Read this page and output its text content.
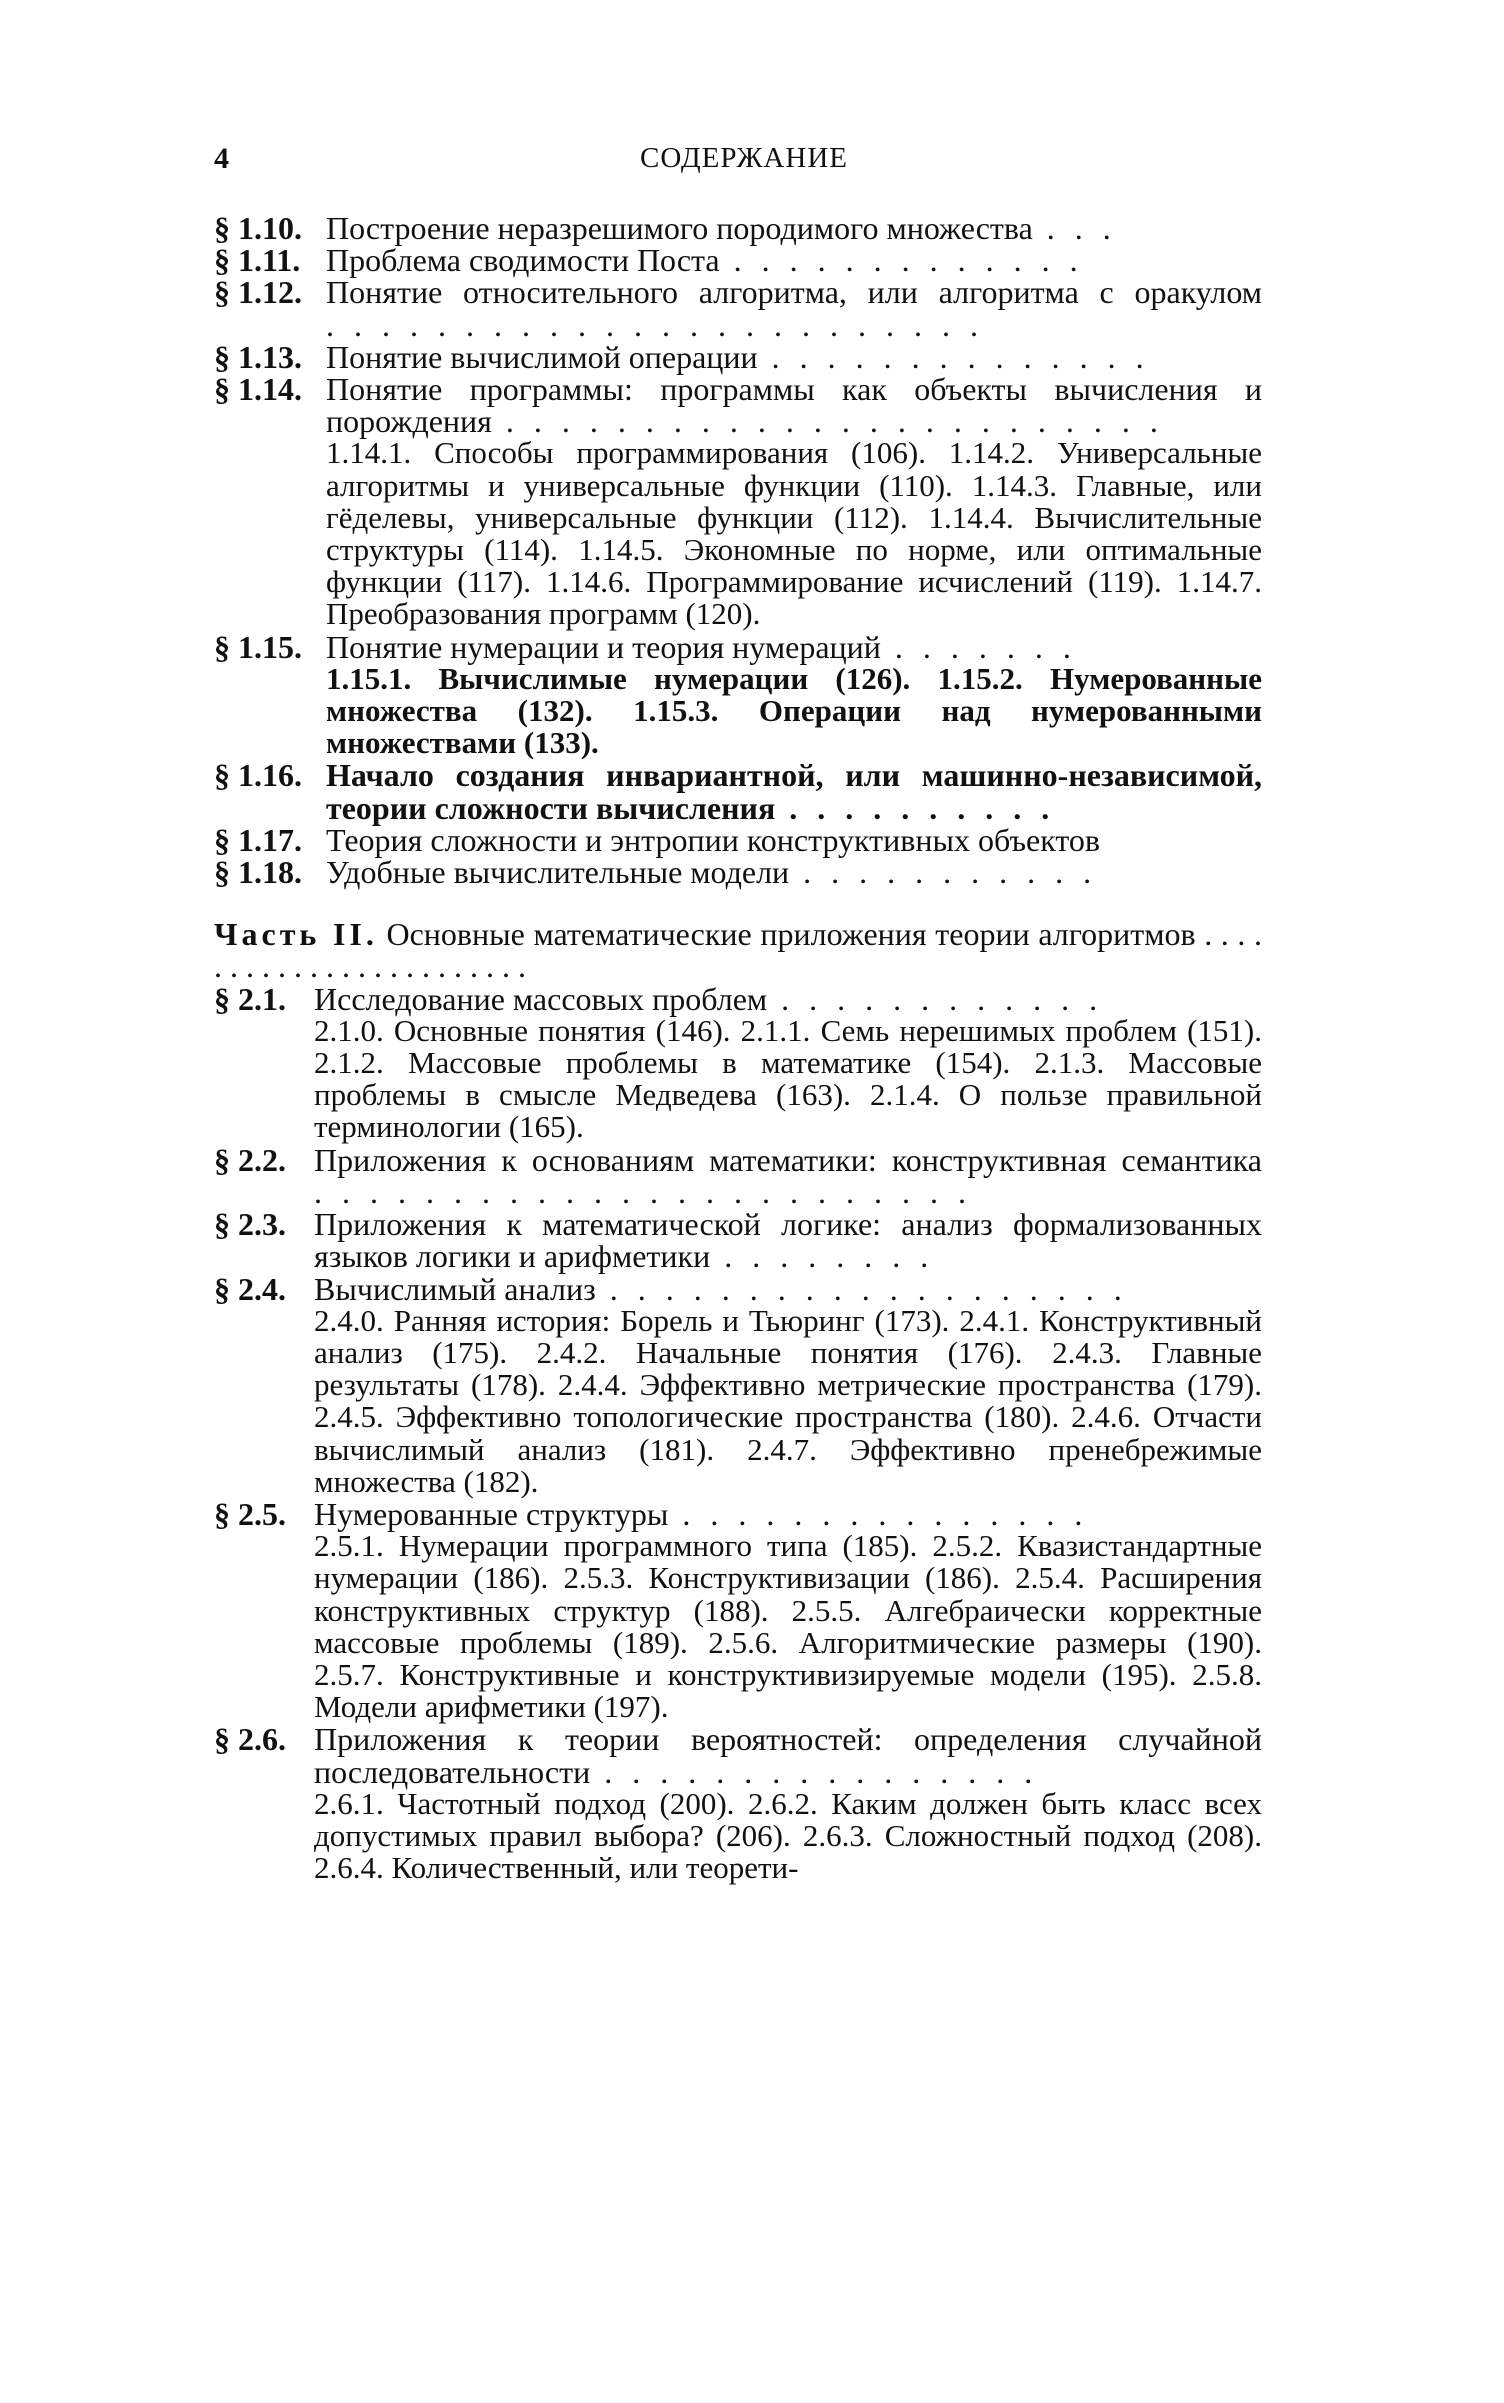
4	СОДЕРЖАНИЕ
§ 1.10. Построение неразрешимого породимого множества . . .
§ 1.11. Проблема сводимости Поста . . . . . . . . . . . . .
§ 1.12. Понятие относительного алгоритма, или алгоритма с оракулом . . . . . . . . . . . . . . . . . . . . . . . .
§ 1.13. Понятие вычислимой операции . . . . . . . . . . . . . .
§ 1.14. Понятие программы: программы как объекты вычисления и порождения . . . . . . . . . . . . . . . . . . . . . . . .
1.14.1. Способы программирования (106). 1.14.2. Универсальные алгоритмы и универсальные функции (110). 1.14.3. Главные, или гёделевы, универсальные функции (112). 1.14.4. Вычислительные структуры (114). 1.14.5. Экономные по норме, или оптимальные функции (117). 1.14.6. Программирование исчислений (119). 1.14.7. Преобразования программ (120).
§ 1.15. Понятие нумерации и теория нумераций . . . . . . .
1.15.1. Вычислимые нумерации (126). 1.15.2. Нумерованные множества (132). 1.15.3. Операции над нумерованными множествами (133).
§ 1.16. Начало создания инвариантной, или машинно-независимой, теории сложности вычисления . . . . . . . . . .
§ 1.17. Теория сложности и энтропии конструктивных объектов
§ 1.18. Удобные вычислительные модели . . . . . . . . . . .
Часть II. Основные математические приложения теории алгоритмов . . . . . . . . . . . . . . . . . . . . . . . .
§ 2.1. Исследование массовых проблем . . . . . . . . . . . .
2.1.0. Основные понятия (146). 2.1.1. Семь нерешимых проблем (151). 2.1.2. Массовые проблемы в математике (154). 2.1.3. Массовые проблемы в смысле Медведева (163). 2.1.4. О пользе правильной терминологии (165).
§ 2.2. Приложения к основаниям математики: конструктивная семантика . . . . . . . . . . . . . . . . . . . . . . . .
§ 2.3. Приложения к математической логике: анализ формализованных языков логики и арифметики . . . . . . . .
§ 2.4. Вычислимый анализ . . . . . . . . . . . . . . . . . . .
2.4.0. Ранняя история: Борель и Тьюринг (173). 2.4.1. Конструктивный анализ (175). 2.4.2. Начальные понятия (176). 2.4.3. Главные результаты (178). 2.4.4. Эффективно метрические пространства (179). 2.4.5. Эффективно топологические пространства (180). 2.4.6. Отчасти вычислимый анализ (181). 2.4.7. Эффективно пренебрежимые множества (182).
§ 2.5. Нумерованные структуры . . . . . . . . . . . . . . .
2.5.1. Нумерации программного типа (185). 2.5.2. Квазистандартные нумерации (186). 2.5.3. Конструктивизации (186). 2.5.4. Расширения конструктивных структур (188). 2.5.5. Алгебраически корректные массовые проблемы (189). 2.5.6. Алгоритмические размеры (190). 2.5.7. Конструктивные и конструктивизируемые модели (195). 2.5.8. Модели арифметики (197).
§ 2.6. Приложения к теории вероятностей: определения случайной последовательности . . . . . . . . . . . . . . . .
2.6.1. Частотный подход (200). 2.6.2. Каким должен быть класс всех допустимых правил выбора? (206). 2.6.3. Сложностный подход (208). 2.6.4. Количественный, или теорети-
